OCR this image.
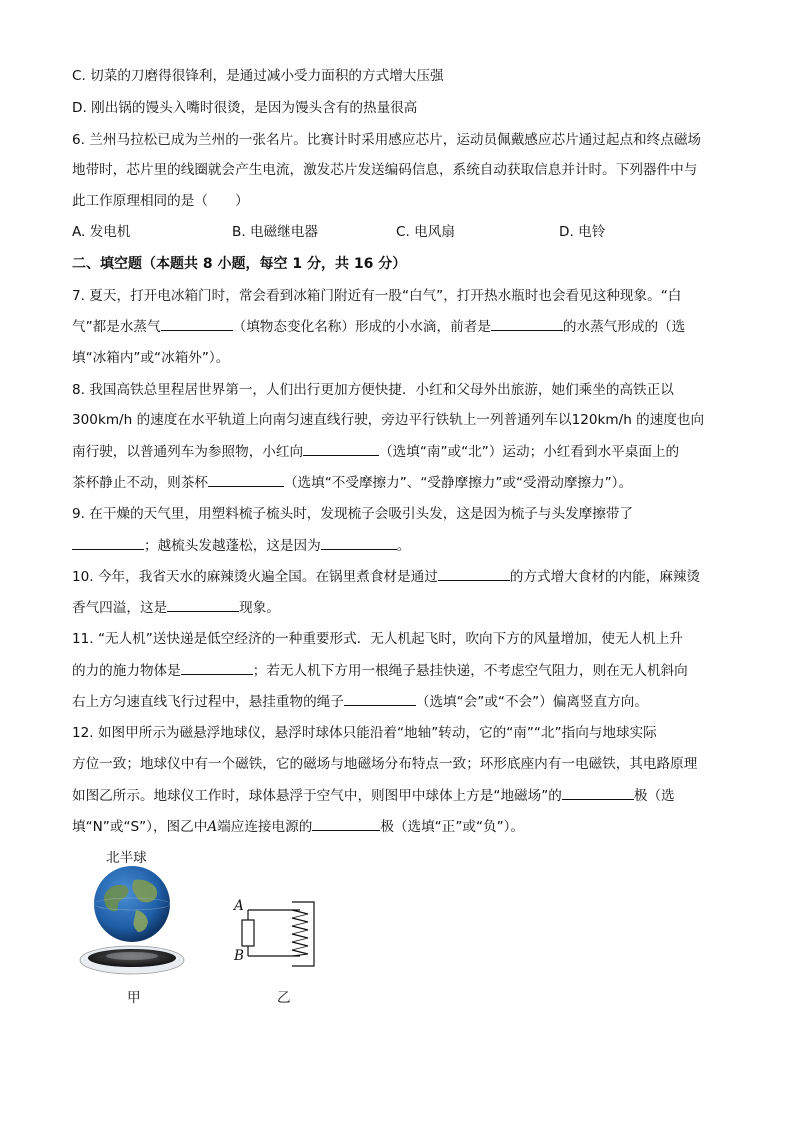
C. 切菜的刀磨得很锋利，是通过减小受力面积的方式增大压强
D. 刚出锅的馒头入嘴时很烫，是因为馒头含有的热量很高
6. 兰州马拉松已成为兰州的一张名片。比赛计时采用感应芯片，运动员佩戴感应芯片通过起点和终点磁场
地带时，芯片里的线圈就会产生电流，激发芯片发送编码信息，系统自动获取信息并计时。下列器件中与
此工作原理相同的是（　　）
A. 发电机	B. 电磁继电器	C. 电风扇	D. 电铃
二、填空题（本题共 8 小题，每空 1 分，共 16 分）
7. 夏天，打开电冰箱门时，常会看到冰箱门附近有一股“白气”，打开热水瓶时也会看见这种现象。“白
气”都是水蒸气	（填物态变化名称）形成的小水滴，前者是	的水蒸气形成的（选
填“冰箱内”或“冰箱外”）。
8. 我国高铁总里程居世界第一，人们出行更加方便快捷．小红和父母外出旅游，她们乘坐的高铁正以
300km/h 的速度在水平轨道上向南匀速直线行驶，旁边平行铁轨上一列普通列车以120km/h 的速度也向
南行驶，以普通列车为参照物，小红向	（选填“南”或“北”）运动；小红看到水平桌面上的
茶杯静止不动，则茶杯	（选填“不受摩擦力”、“受静摩擦力”或“受滑动摩擦力”）。
9. 在干燥的天气里，用塑料梳子梳头时，发现梳子会吸引头发，这是因为梳子与头发摩擦带了
；越梳头发越蓬松，这是因为	。
10. 今年，我省天水的麻辣烫火遍全国。在锅里煮食材是通过	的方式增大食材的内能，麻辣烫
香气四溢，这是	现象。
11. “无人机”送快递是低空经济的一种重要形式．无人机起飞时，吹向下方的风量增加，使无人机上升
的力的施力物体是	；若无人机下方用一根绳子悬挂快递，不考虑空气阻力，则在无人机斜向
右上方匀速直线飞行过程中，悬挂重物的绳子	（选填“会”或“不会”）偏离竖直方向。
12. 如图甲所示为磁悬浮地球仪，悬浮时球体只能沿着“地轴”转动，它的“南”“北”指向与地球实际
方位一致；地球仪中有一个磁铁，它的磁场与地磁场分布特点一致；环形底座内有一电磁铁，其电路原理
如图乙所示。地球仪工作时，球体悬浮于空气中，则图甲中球体上方是“地磁场”的	极（选
填“N”或“S”），图乙中A端应连接电源的	极（选填“正”或“负”）。
北半球
甲
A
B
乙
